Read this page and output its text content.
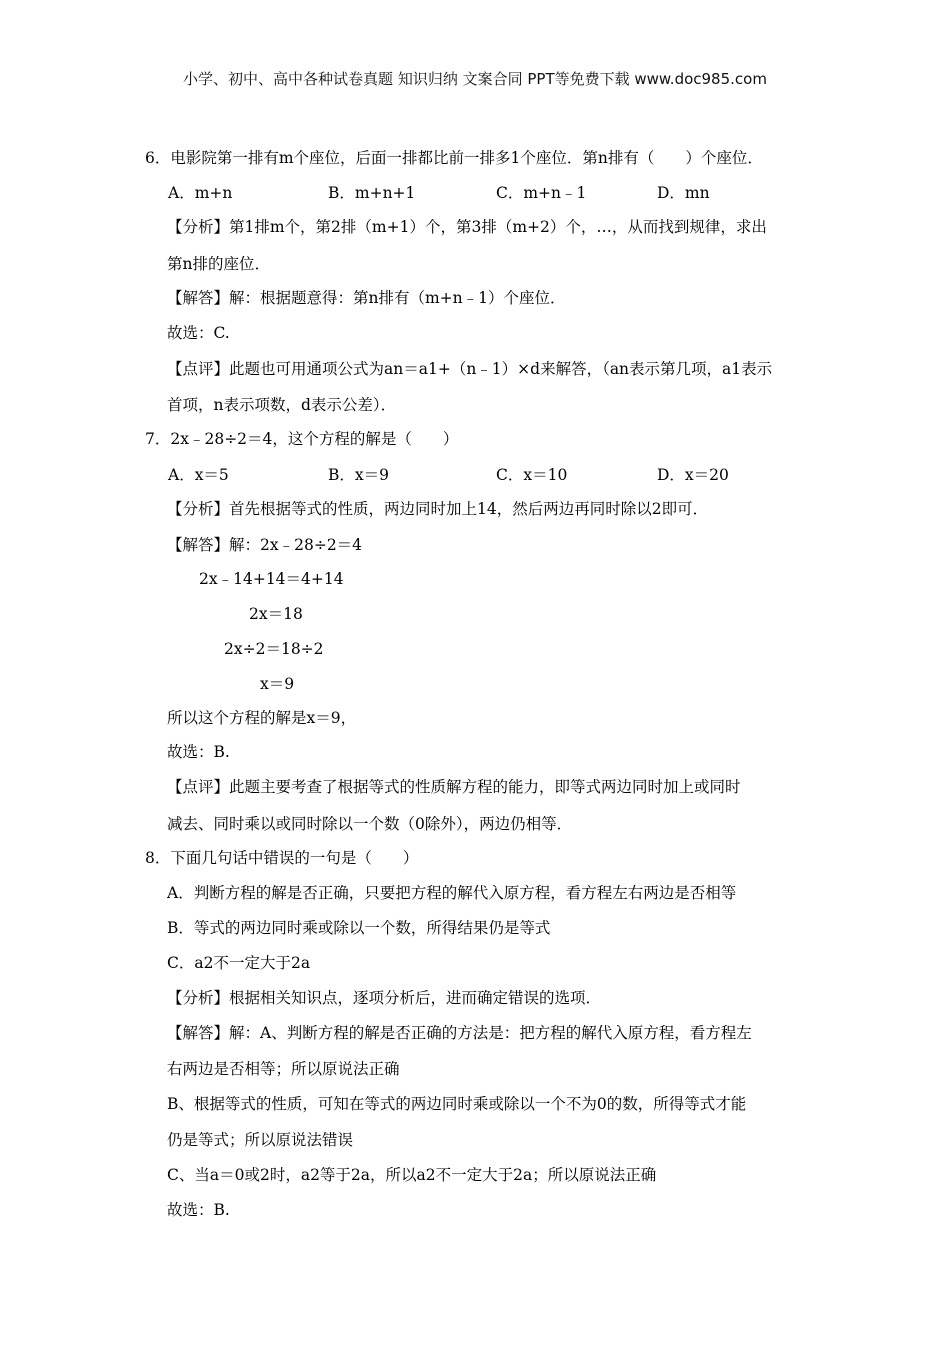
小学、初中、高中各种试卷真题 知识归纳 文案合同 PPT等免费下载 www.doc985.com
6．电影院第一排有m个座位，后面一排都比前一排多1个座位．第n排有（　　）个座位．
A．m+n	B．m+n+1	C．m+n﹣1	D．mn
【分析】第1排m个，第2排（m+1）个，第3排（m+2）个，…，从而找到规律，求出
第n排的座位．
【解答】解：根据题意得：第n排有（m+n﹣1）个座位．
故选：C.
【点评】此题也可用通项公式为an＝a1+（n﹣1）×d来解答，（an表示第几项，a1表示
首项，n表示项数，d表示公差）．
7．2x﹣28÷2＝4，这个方程的解是（　　）
A．x＝5	B．x＝9	C．x＝10	D．x＝20
【分析】首先根据等式的性质，两边同时加上14，然后两边再同时除以2即可．
【解答】解：2x﹣28÷2＝4
2x﹣14+14＝4+14
2x＝18
2x÷2＝18÷2
x＝9
所以这个方程的解是x＝9，
故选：B.
【点评】此题主要考查了根据等式的性质解方程的能力，即等式两边同时加上或同时
减去、同时乘以或同时除以一个数（0除外），两边仍相等．
8．下面几句话中错误的一句是（　　）
A．判断方程的解是否正确，只要把方程的解代入原方程，看方程左右两边是否相等
B．等式的两边同时乘或除以一个数，所得结果仍是等式
C．a2不一定大于2a
【分析】根据相关知识点，逐项分析后，进而确定错误的选项．
【解答】解：A、判断方程的解是否正确的方法是：把方程的解代入原方程，看方程左
右两边是否相等；所以原说法正确
B、根据等式的性质，可知在等式的两边同时乘或除以一个不为0的数，所得等式才能
仍是等式；所以原说法错误
C、当a＝0或2时，a2等于2a，所以a2不一定大于2a；所以原说法正确
故选：B.
